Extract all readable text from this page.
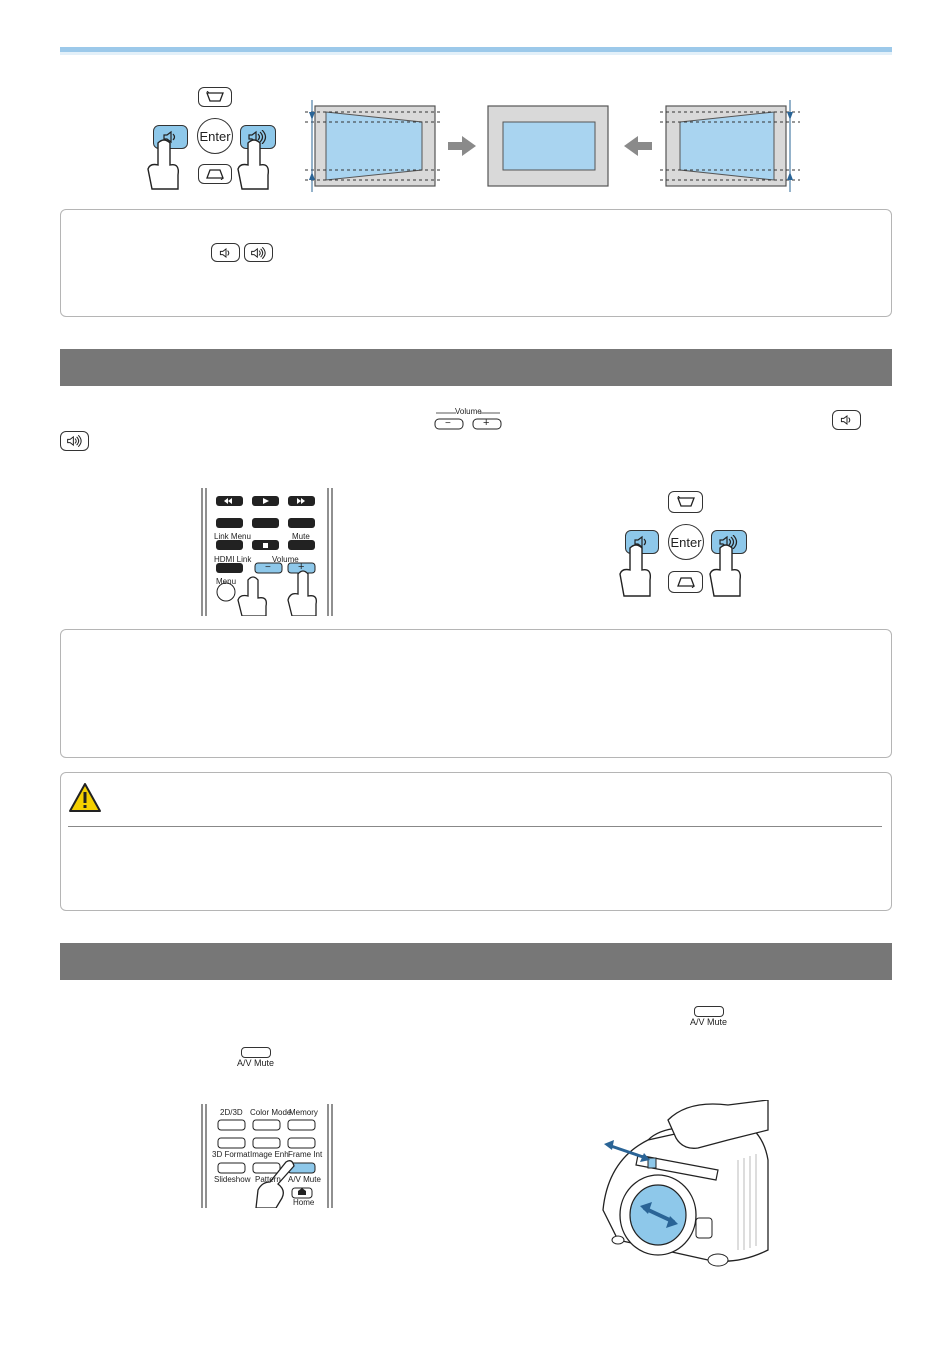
Enter
Volume
−	+
Link Menu	Mute
HDMI Link	Volume
Menu
− +
Enter
A/V Mute
A/V Mute
2D/3D Color Mode
Memory
3D Format Image Enh Frame Int
Slideshow Pattern A/V Mute
Home
